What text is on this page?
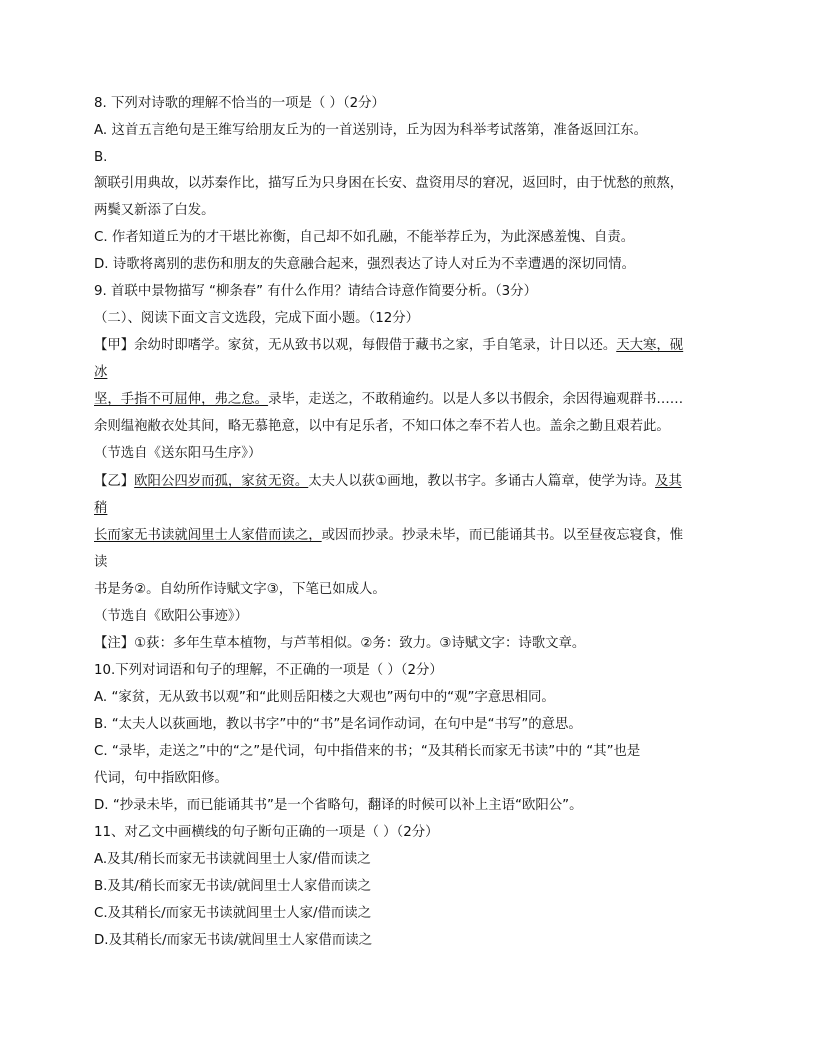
8. 下列对诗歌的理解不恰当的一项是（ ）（2分）

A. 这首五言绝句是王维写给朋友丘为的一首送别诗，丘为因为科举考试落第，准备返回江东。

B.

颔联引用典故，以苏秦作比，描写丘为只身困在长安、盘资用尽的窘况，返回时，由于忧愁的煎熬，

两鬓又新添了白发。

C. 作者知道丘为的才干堪比祢衡，自己却不如孔融，不能举荐丘为，为此深感羞愧、自责。

D. 诗歌将离别的悲伤和朋友的失意融合起来，强烈表达了诗人对丘为不幸遭遇的深切同情。

9. 首联中景物描写 “柳条春” 有什么作用？请结合诗意作简要分析。（3分）

（二）、阅读下面文言文选段，完成下面小题。（12分）

【甲】余幼时即嗜学。家贫，无从致书以观，每假借于藏书之家，手自笔录，计日以还。天大寒，砚

冰

坚，手指不可屈伸，弗之怠。录毕，走送之，不敢稍逾约。以是人多以书假余，余因得遍观群书……

余则缊袍敝衣处其间，略无慕艳意，以中有足乐者，不知口体之奉不若人也。盖余之勤且艰若此。

（节选自《送东阳马生序》）

【乙】欧阳公四岁而孤，家贫无资。太夫人以荻①画地，教以书字。多诵古人篇章，使学为诗。及其

稍

长而家无书读就闾里士人家借而读之，或因而抄录。抄录未毕，而已能诵其书。以至昼夜忘寝食，惟

读

书是务②。自幼所作诗赋文字③，下笔已如成人。

（节选自《欧阳公事迹》）

【注】①荻：多年生草本植物，与芦苇相似。②务：致力。③诗赋文字：诗歌文章。

10.下列对词语和句子的理解，不正确的一项是（ ）（2分）

A. “家贫，无从致书以观”和“此则岳阳楼之大观也”两句中的“观”字意思相同。

B. “太夫人以荻画地，教以书字”中的“书”是名词作动词，在句中是“书写”的意思。

C. “录毕，走送之”中的“之”是代词，句中指借来的书；“及其稍长而家无书读”中的 “其”也是

代词，句中指欧阳修。

D. “抄录未毕，而已能诵其书”是一个省略句，翻译的时候可以补上主语“欧阳公”。

11、对乙文中画横线的句子断句正确的一项是（ ）（2分）

A.及其/稍长而家无书读就闾里士人家/借而读之

B.及其/稍长而家无书读/就闾里士人家借而读之

C.及其稍长/而家无书读就闾里士人家/借而读之

D.及其稍长/而家无书读/就闾里士人家借而读之
